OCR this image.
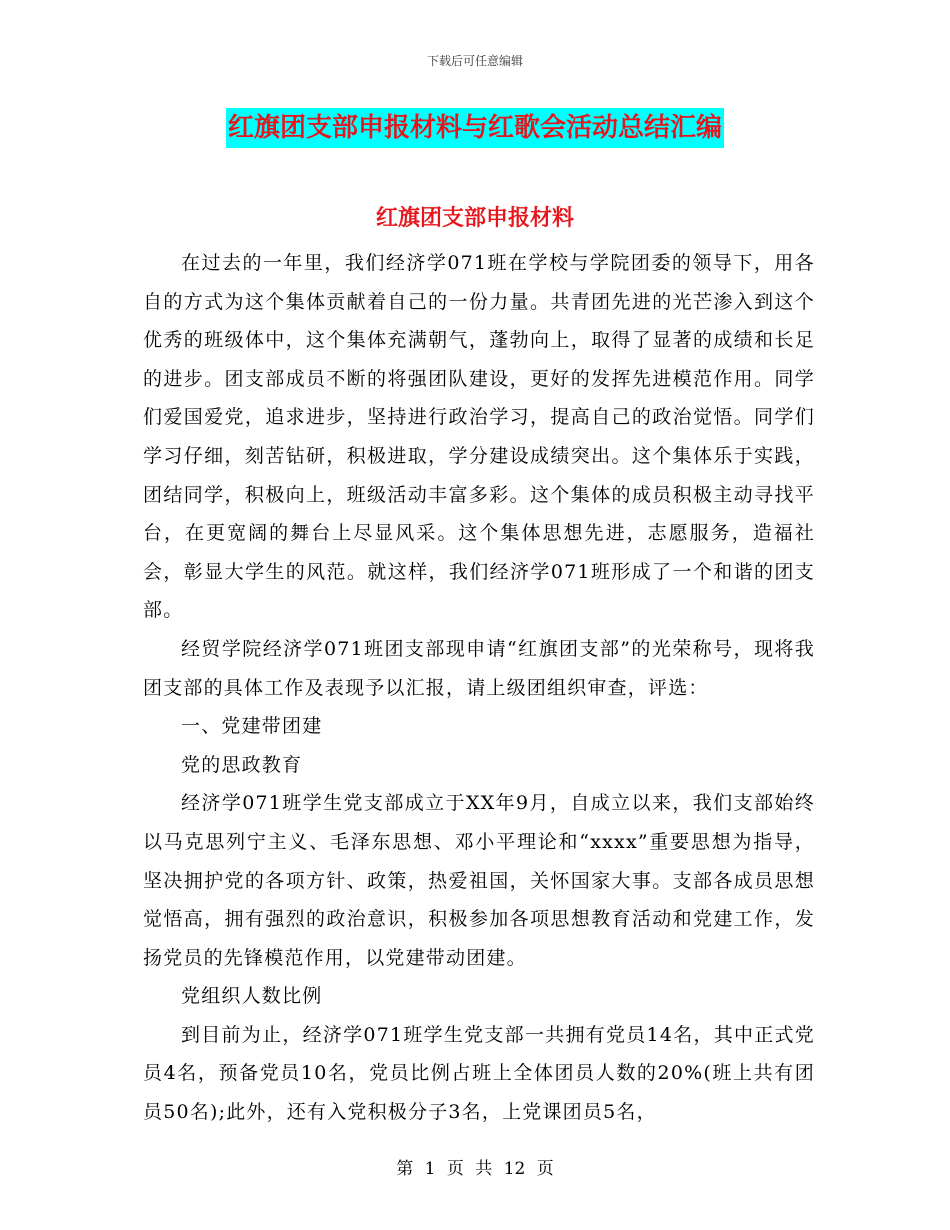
下载后可任意编辑
红旗团支部申报材料与红歌会活动总结汇编
红旗团支部申报材料

在过去的一年里，我们经济学071班在学校与学院团委的领导下，用各自的方式为这个集体贡献着自己的一份力量。共青团先进的光芒渗入到这个优秀的班级体中，这个集体充满朝气，蓬勃向上，取得了显著的成绩和长足的进步。团支部成员不断的将强团队建设，更好的发挥先进模范作用。同学们爱国爱党，追求进步，坚持进行政治学习，提高自己的政治觉悟。同学们学习仔细，刻苦钻研，积极进取，学分建设成绩突出。这个集体乐于实践，团结同学，积极向上，班级活动丰富多彩。这个集体的成员积极主动寻找平台，在更宽阔的舞台上尽显风采。这个集体思想先进，志愿服务，造福社会，彰显大学生的风范。就这样，我们经济学071班形成了一个和谐的团支部。

经贸学院经济学071班团支部现申请“红旗团支部”的光荣称号，现将我团支部的具体工作及表现予以汇报，请上级团组织审查，评选：

一、党建带团建

党的思政教育

经济学071班学生党支部成立于XX年9月，自成立以来，我们支部始终以马克思列宁主义、毛泽东思想、邓小平理论和“xxxx”重要思想为指导，坚决拥护党的各项方针、政策，热爱祖国，关怀国家大事。支部各成员思想觉悟高，拥有强烈的政治意识，积极参加各项思想教育活动和党建工作，发扬党员的先锋模范作用，以党建带动团建。

党组织人数比例

到目前为止，经济学071班学生党支部一共拥有党员14名，其中正式党员4名，预备党员10名，党员比例占班上全体团员人数的20%(班上共有团员50名);此外，还有入党积极分子3名，上党课团员5名，

第 1 页 共 12 页
